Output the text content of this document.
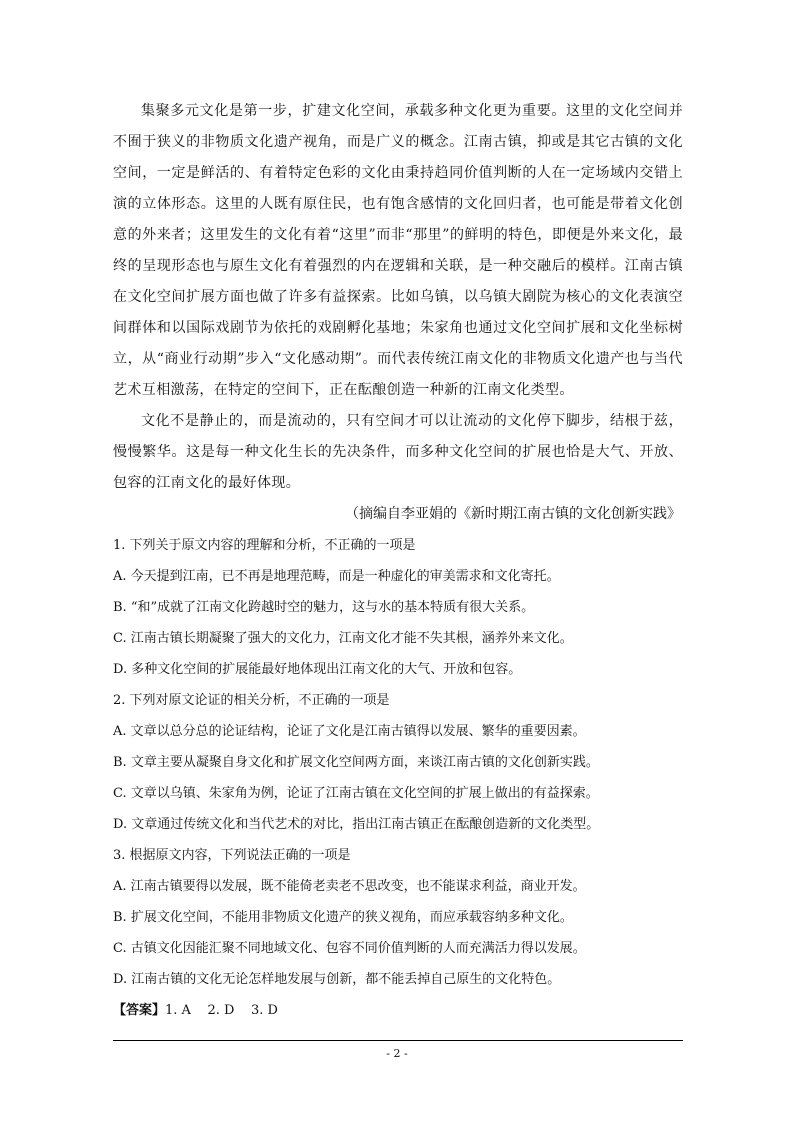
集聚多元文化是第一步，扩建文化空间，承载多种文化更为重要。这里的文化空间并不囿于狭义的非物质文化遗产视角，而是广义的概念。江南古镇，抑或是其它古镇的文化空间，一定是鲜活的、有着特定色彩的文化由秉持趋同价值判断的人在一定场域内交错上演的立体形态。这里的人既有原住民，也有饱含感情的文化回归者，也可能是带着文化创意的外来者；这里发生的文化有着“这里”而非“那里”的鲜明的特色，即便是外来文化，最终的呈现形态也与原生文化有着强烈的内在逻辑和关联，是一种交融后的模样。江南古镇在文化空间扩展方面也做了许多有益探索。比如乌镇，以乌镇大剧院为核心的文化表演空间群体和以国际戏剧节为依托的戏剧孵化基地；朱家角也通过文化空间扩展和文化坐标树立，从“商业行动期”步入“文化感动期”。而代表传统江南文化的非物质文化遗产也与当代艺术互相激荡，在特定的空间下，正在酝酿创造一种新的江南文化类型。

文化不是静止的，而是流动的，只有空间才可以让流动的文化停下脚步，结根于兹，慢慢繁华。这是每一种文化生长的先决条件，而多种文化空间的扩展也恰是大气、开放、包容的江南文化的最好体现。

（摘编自李亚娟的《新时期江南古镇的文化创新实践》

1. 下列关于原文内容的理解和分析，不正确的一项是

A. 今天提到江南，已不再是地理范畴，而是一种虚化的审美需求和文化寄托。

B. “和”成就了江南文化跨越时空的魅力，这与水的基本特质有很大关系。

C. 江南古镇长期凝聚了强大的文化力，江南文化才能不失其根，涵养外来文化。

D. 多种文化空间的扩展能最好地体现出江南文化的大气、开放和包容。

2. 下列对原文论证的相关分析，不正确的一项是

A. 文章以总分总的论证结构，论证了文化是江南古镇得以发展、繁华的重要因素。

B. 文章主要从凝聚自身文化和扩展文化空间两方面，来谈江南古镇的文化创新实践。

C. 文章以乌镇、朱家角为例，论证了江南古镇在文化空间的扩展上做出的有益探索。

D. 文章通过传统文化和当代艺术的对比，指出江南古镇正在酝酿创造新的文化类型。

3. 根据原文内容，下列说法正确的一项是

A. 江南古镇要得以发展，既不能倚老卖老不思改变，也不能谋求利益，商业开发。

B. 扩展文化空间，不能用非物质文化遗产的狭义视角，而应承载容纳多种文化。

C. 古镇文化因能汇聚不同地域文化、包容不同价值判断的人而充满活力得以发展。

D. 江南古镇的文化无论怎样地发展与创新，都不能丢掉自己原生的文化特色。

【答案】1. A    2. D    3. D

- 2 -
